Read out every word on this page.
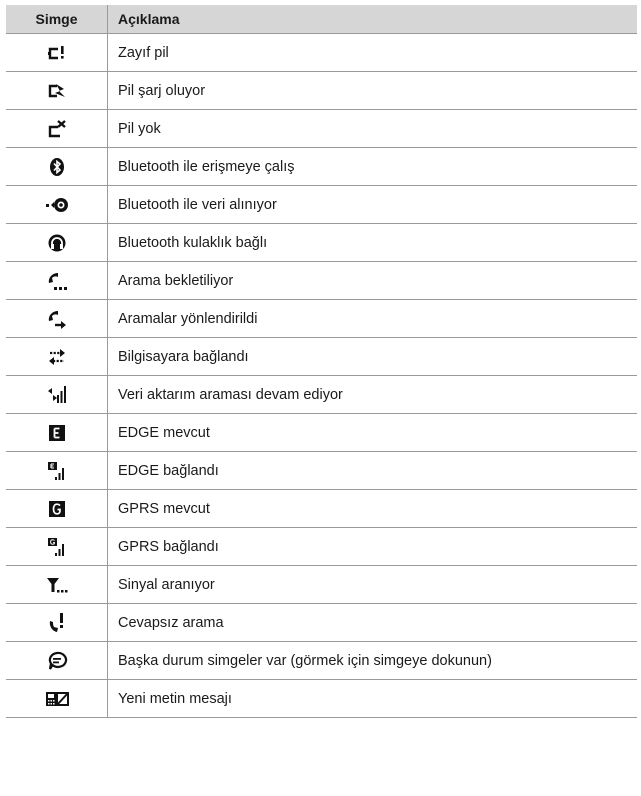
Simge	Açıklama

	Zayıf pil

	Pil şarj oluyor

	Pil yok

	Bluetooth ile erişmeye çalış

	Bluetooth ile veri alınıyor

	Bluetooth kulaklık bağlı

	Arama bekletiliyor

	Aramalar yönlendirildi

	Bilgisayara bağlandı

	Veri aktarım araması devam ediyor

	EDGE mevcut

	EDGE bağlandı

	GPRS mevcut

	GPRS bağlandı

	Sinyal aranıyor

	Cevapsız arama

	Başka durum simgeler var (görmek için simgeye dokunun)

	Yeni metin mesajı
